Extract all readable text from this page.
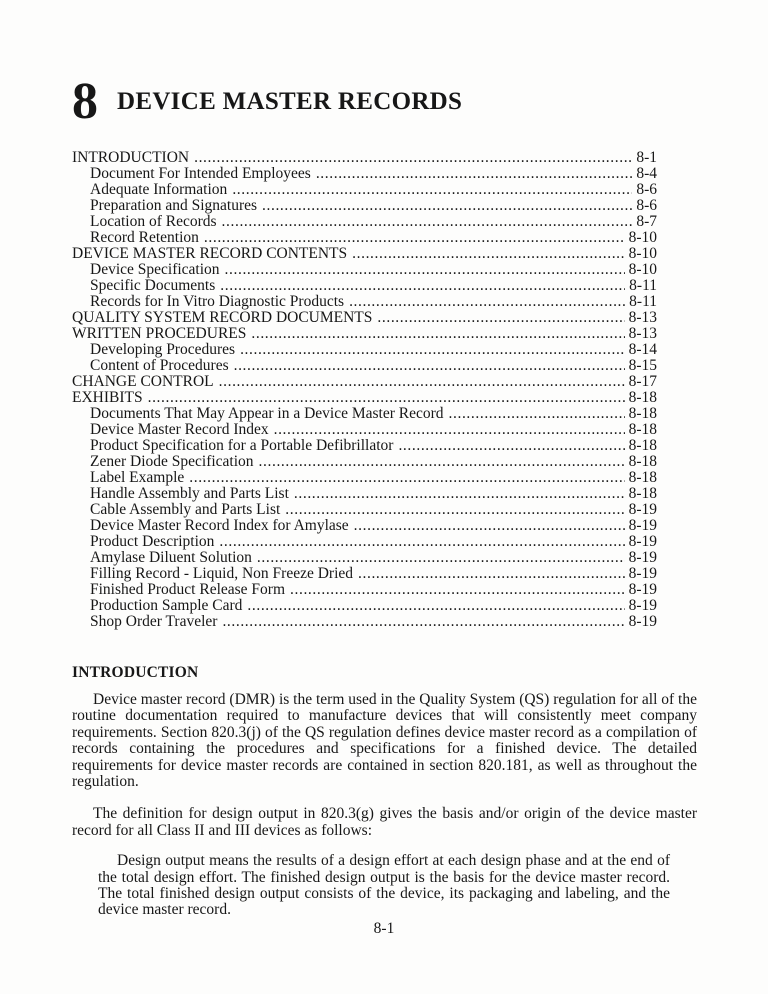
8 DEVICE MASTER RECORDS
INTRODUCTION .....	8-1
Document For Intended Employees .....	8-4
Adequate Information .....	8-6
Preparation and Signatures .....	8-6
Location of Records .....	8-7
Record Retention .....	8-10
DEVICE MASTER RECORD CONTENTS .....	8-10
Device Specification .....	8-10
Specific Documents .....	8-11
Records for In Vitro Diagnostic Products .....	8-11
QUALITY SYSTEM RECORD DOCUMENTS .....	8-13
WRITTEN PROCEDURES .....	8-13
Developing Procedures .....	8-14
Content of Procedures .....	8-15
CHANGE CONTROL .....	8-17
EXHIBITS .....	8-18
Documents That May Appear in a Device Master Record .....	8-18
Device Master Record Index .....	8-18
Product Specification for a Portable Defibrillator .....	8-18
Zener Diode Specification .....	8-18
Label Example .....	8-18
Handle Assembly and Parts List .....	8-18
Cable Assembly and Parts List .....	8-19
Device Master Record Index for Amylase .....	8-19
Product Description .....	8-19
Amylase Diluent Solution .....	8-19
Filling Record - Liquid, Non Freeze Dried .....	8-19
Finished Product Release Form .....	8-19
Production Sample Card .....	8-19
Shop Order Traveler .....	8-19
INTRODUCTION

Device master record (DMR) is the term used in the Quality System (QS) regulation for all of the routine documentation required to manufacture devices that will consistently meet company requirements. Section 820.3(j) of the QS regulation defines device master record as a compilation of records containing the procedures and specifications for a finished device. The detailed requirements for device master records are contained in section 820.181, as well as throughout the regulation.

The definition for design output in 820.3(g) gives the basis and/or origin of the device master record for all Class II and III devices as follows:

Design output means the results of a design effort at each design phase and at the end of the total design effort. The finished design output is the basis for the device master record. The total finished design output consists of the device, its packaging and labeling, and the device master record.
8-1
